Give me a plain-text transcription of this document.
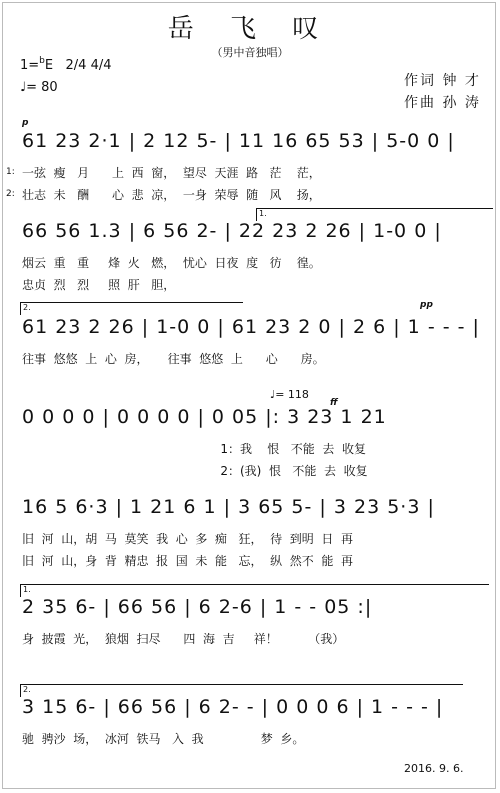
岳 飞 叹
（男中音独唱）
1=$^b$E 2/4 4/4
♩= 80	作词 钟 才
作曲 孙 涛
p
61 23 2·1 | 2 12 5- | 11 16 65 53 | 5-0 0 |
1: 一弦  瘦   月      上  西  窗，  望尽  天涯  路   茫    茫，
2: 壮志  未   酬      心  悲  凉，  一身  荣辱  随   风    扬，
1.
66 56 1.3 | 6 56 2- | 22 23 2 26 | 1-0 0 |
烟云  重   重     烽  火   燃，  忧心  日夜  度   彷    徨。
忠贞  烈   烈     照  肝   胆，
2.	pp
61 23 2 26 | 1-0 0 | 61 23 2 0 | 2 6 | 1 - - - |
往事  悠悠  上  心  房，     往事  悠悠  上      心      房。
♩= 118
ff
0 0 0 0 | 0 0 0 0 | 0 05 |: 3 23 1 21
1：我    恨   不能  去  收复
2：(我)  恨   不能  去  收复
16 5 6·3 | 1 21 6 1 | 3 65 5- | 3 23 5·3 |
旧  河  山，胡  马  莫笑  我  心  多  痴   狂，  待  到明  日  再
旧  河  山，身  背  精忠  报  国  未  能   忘，  纵  然不  能  再
1.
2 35 6- | 66 56 | 6 2-6 | 1 - - 05 :|
身  披霞  光，  狼烟  扫尽      四  海  吉     祥！        （我）
2.
3 15 6- | 66 56 | 6 2- - | 0 0 0 6 | 1 - - - |
驰  骋沙  场，  冰河  铁马   入  我               梦  乡。
2016. 9. 6.
